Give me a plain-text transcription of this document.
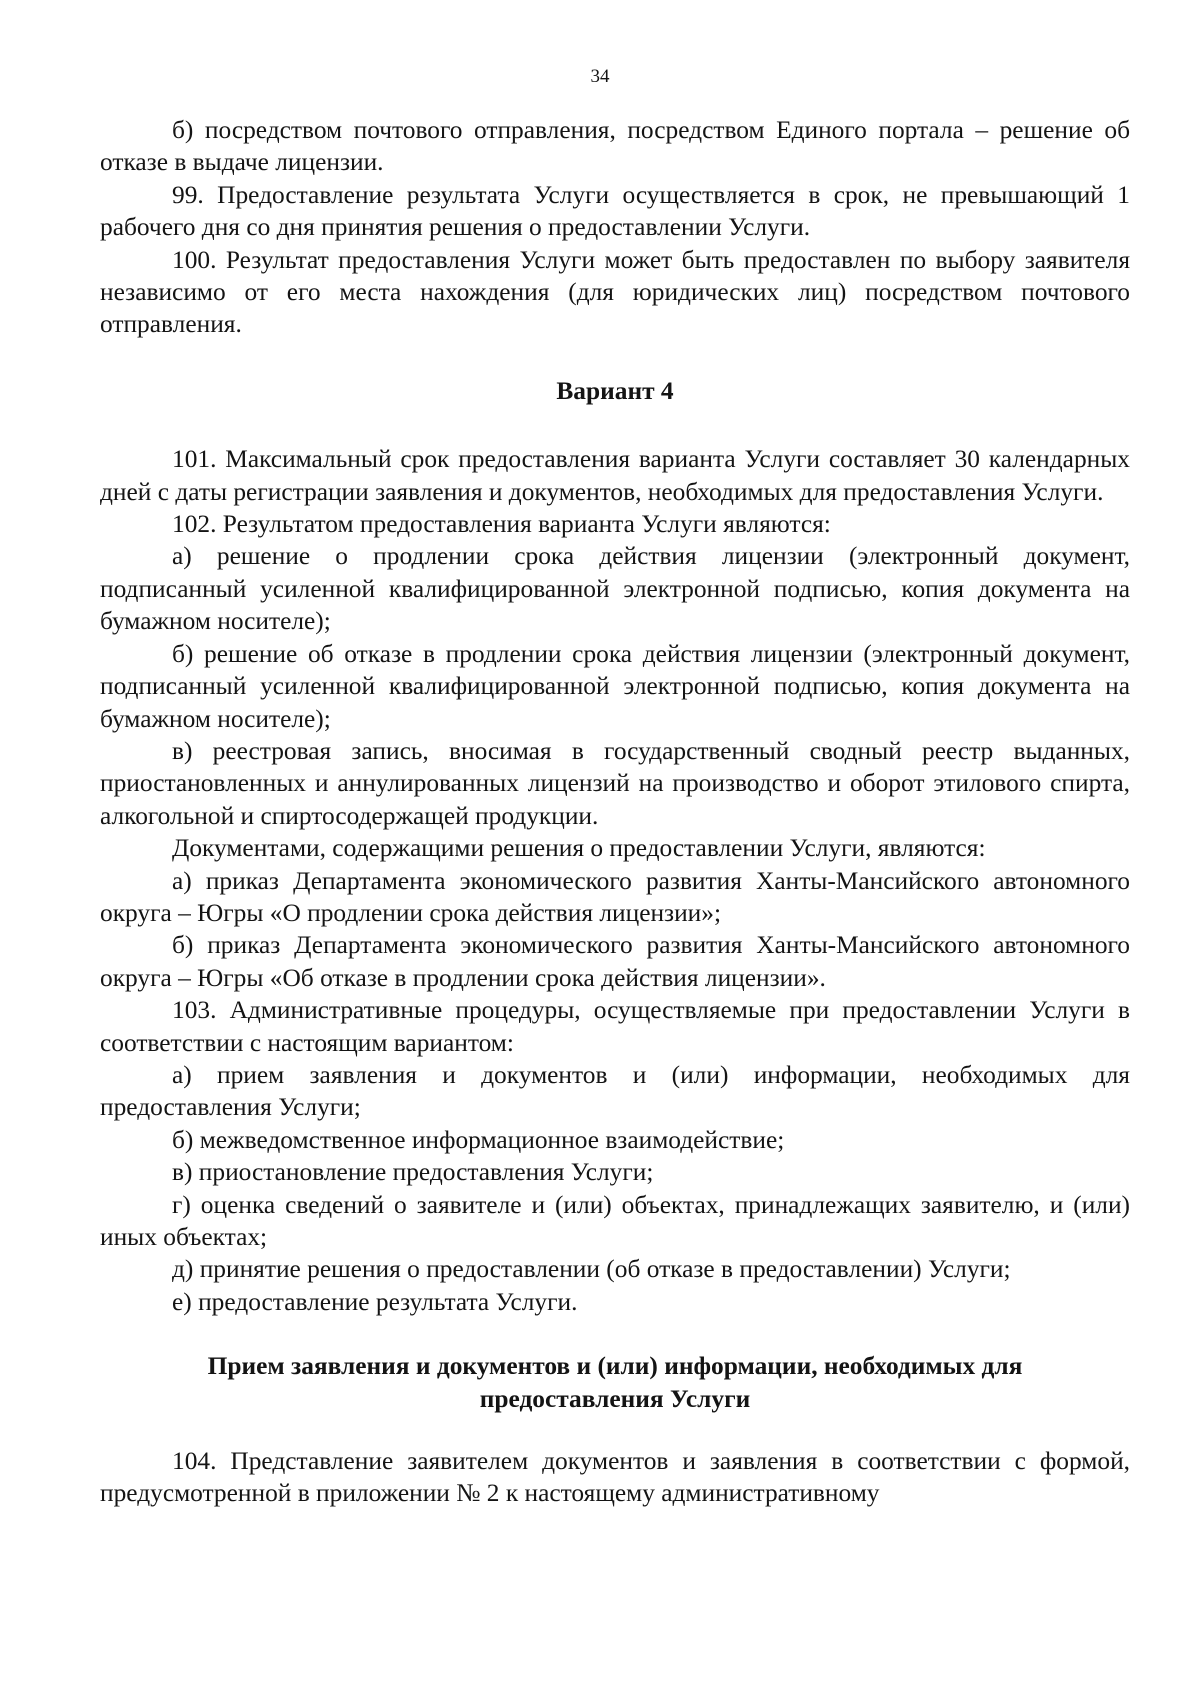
34

б) посредством почтового отправления, посредством Единого портала – решение об отказе в выдаче лицензии.

99. Предоставление результата Услуги осуществляется в срок, не превышающий 1 рабочего дня со дня принятия решения о предоставлении Услуги.

100. Результат предоставления Услуги может быть предоставлен по выбору заявителя независимо от его места нахождения (для юридических лиц) посредством почтового отправления.

Вариант 4

101. Максимальный срок предоставления варианта Услуги составляет 30 календарных дней с даты регистрации заявления и документов, необходимых для предоставления Услуги.

102. Результатом предоставления варианта Услуги являются:

а) решение о продлении срока действия лицензии (электронный документ, подписанный усиленной квалифицированной электронной подписью, копия документа на бумажном носителе);

б) решение об отказе в продлении срока действия лицензии (электронный документ, подписанный усиленной квалифицированной электронной подписью, копия документа на бумажном носителе);

в) реестровая запись, вносимая в государственный сводный реестр выданных, приостановленных и аннулированных лицензий на производство и оборот этилового спирта, алкогольной и спиртосодержащей продукции.

Документами, содержащими решения о предоставлении Услуги, являются:

а) приказ Департамента экономического развития Ханты-Мансийского автономного округа – Югры «О продлении срока действия лицензии»;

б) приказ Департамента экономического развития Ханты-Мансийского автономного округа – Югры «Об отказе в продлении срока действия лицензии».

103. Административные процедуры, осуществляемые при предоставлении Услуги в соответствии с настоящим вариантом:

а) прием заявления и документов и (или) информации, необходимых для предоставления Услуги;

б) межведомственное информационное взаимодействие;

в) приостановление предоставления Услуги;

г) оценка сведений о заявителе и (или) объектах, принадлежащих заявителю, и (или) иных объектах;

д) принятие решения о предоставлении (об отказе в предоставлении) Услуги;

е) предоставление результата Услуги.

Прием заявления и документов и (или) информации, необходимых для
предоставления Услуги

104. Представление заявителем документов и заявления в соответствии с формой, предусмотренной в приложении № 2 к настоящему административному
